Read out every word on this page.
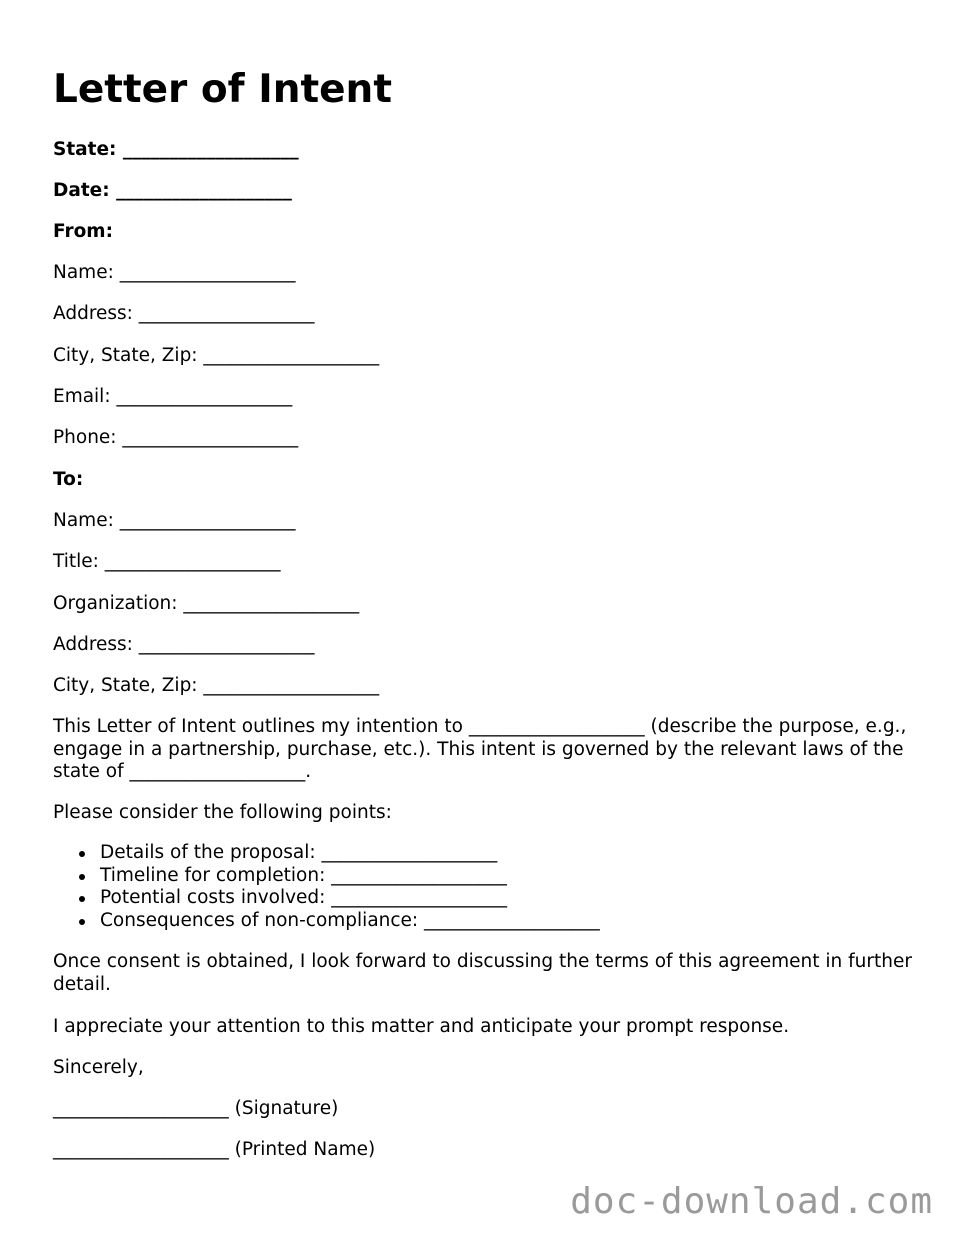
Letter of Intent

State: ___________________

Date: ___________________

From:

Name: ___________________

Address: ___________________

City, State, Zip: ___________________

Email: ___________________

Phone: ___________________

To:

Name: ___________________

Title: ___________________

Organization: ___________________

Address: ___________________

City, State, Zip: ___________________

This Letter of Intent outlines my intention to ___________________ (describe the purpose, e.g., engage in a partnership, purchase, etc.). This intent is governed by the relevant laws of the state of ___________________.

Please consider the following points:

Details of the proposal: ___________________
Timeline for completion: ___________________
Potential costs involved: ___________________
Consequences of non-compliance: ___________________

Once consent is obtained, I look forward to discussing the terms of this agreement in further detail.

I appreciate your attention to this matter and anticipate your prompt response.

Sincerely,

___________________ (Signature)

___________________ (Printed Name)

doc-download.com
